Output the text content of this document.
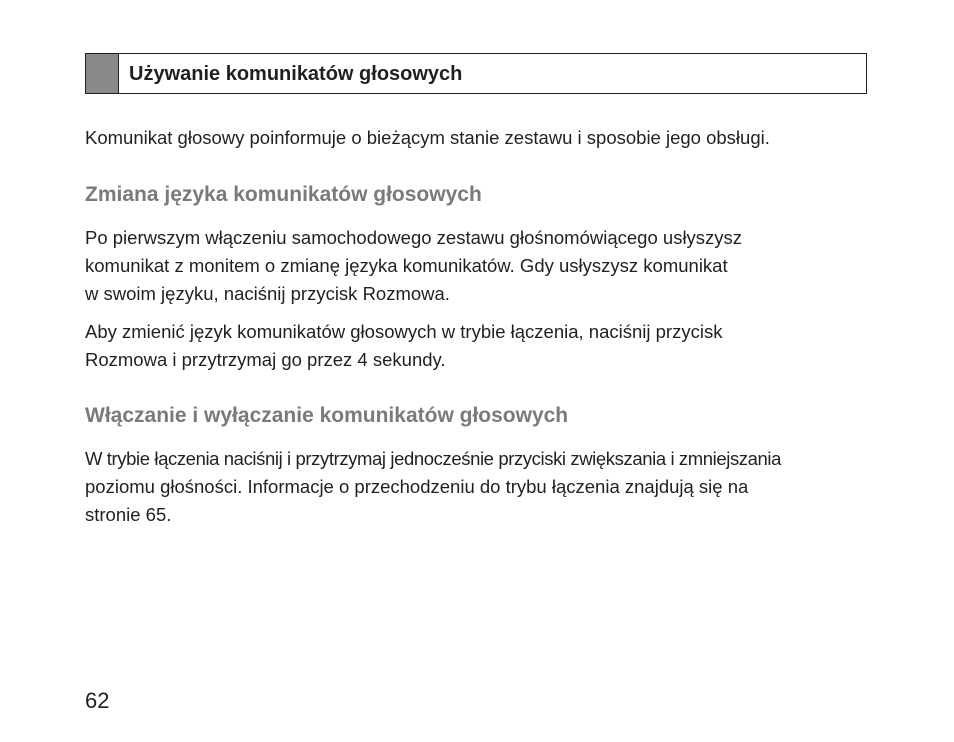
Używanie komunikatów głosowych

Komunikat głosowy poinformuje o bieżącym stanie zestawu i sposobie jego obsługi.

Zmiana języka komunikatów głosowych

Po pierwszym włączeniu samochodowego zestawu głośnomówiącego usłyszysz

komunikat z monitem o zmianę języka komunikatów. Gdy usłyszysz komunikat

w swoim języku, naciśnij przycisk Rozmowa.

Aby zmienić język komunikatów głosowych w trybie łączenia, naciśnij przycisk

Rozmowa i przytrzymaj go przez 4 sekundy.

Włączanie i wyłączanie komunikatów głosowych

W trybie łączenia naciśnij i przytrzymaj jednocześnie przyciski zwiększania i zmniejszania

poziomu głośności. Informacje o przechodzeniu do trybu łączenia znajdują się na

stronie 65.

62
